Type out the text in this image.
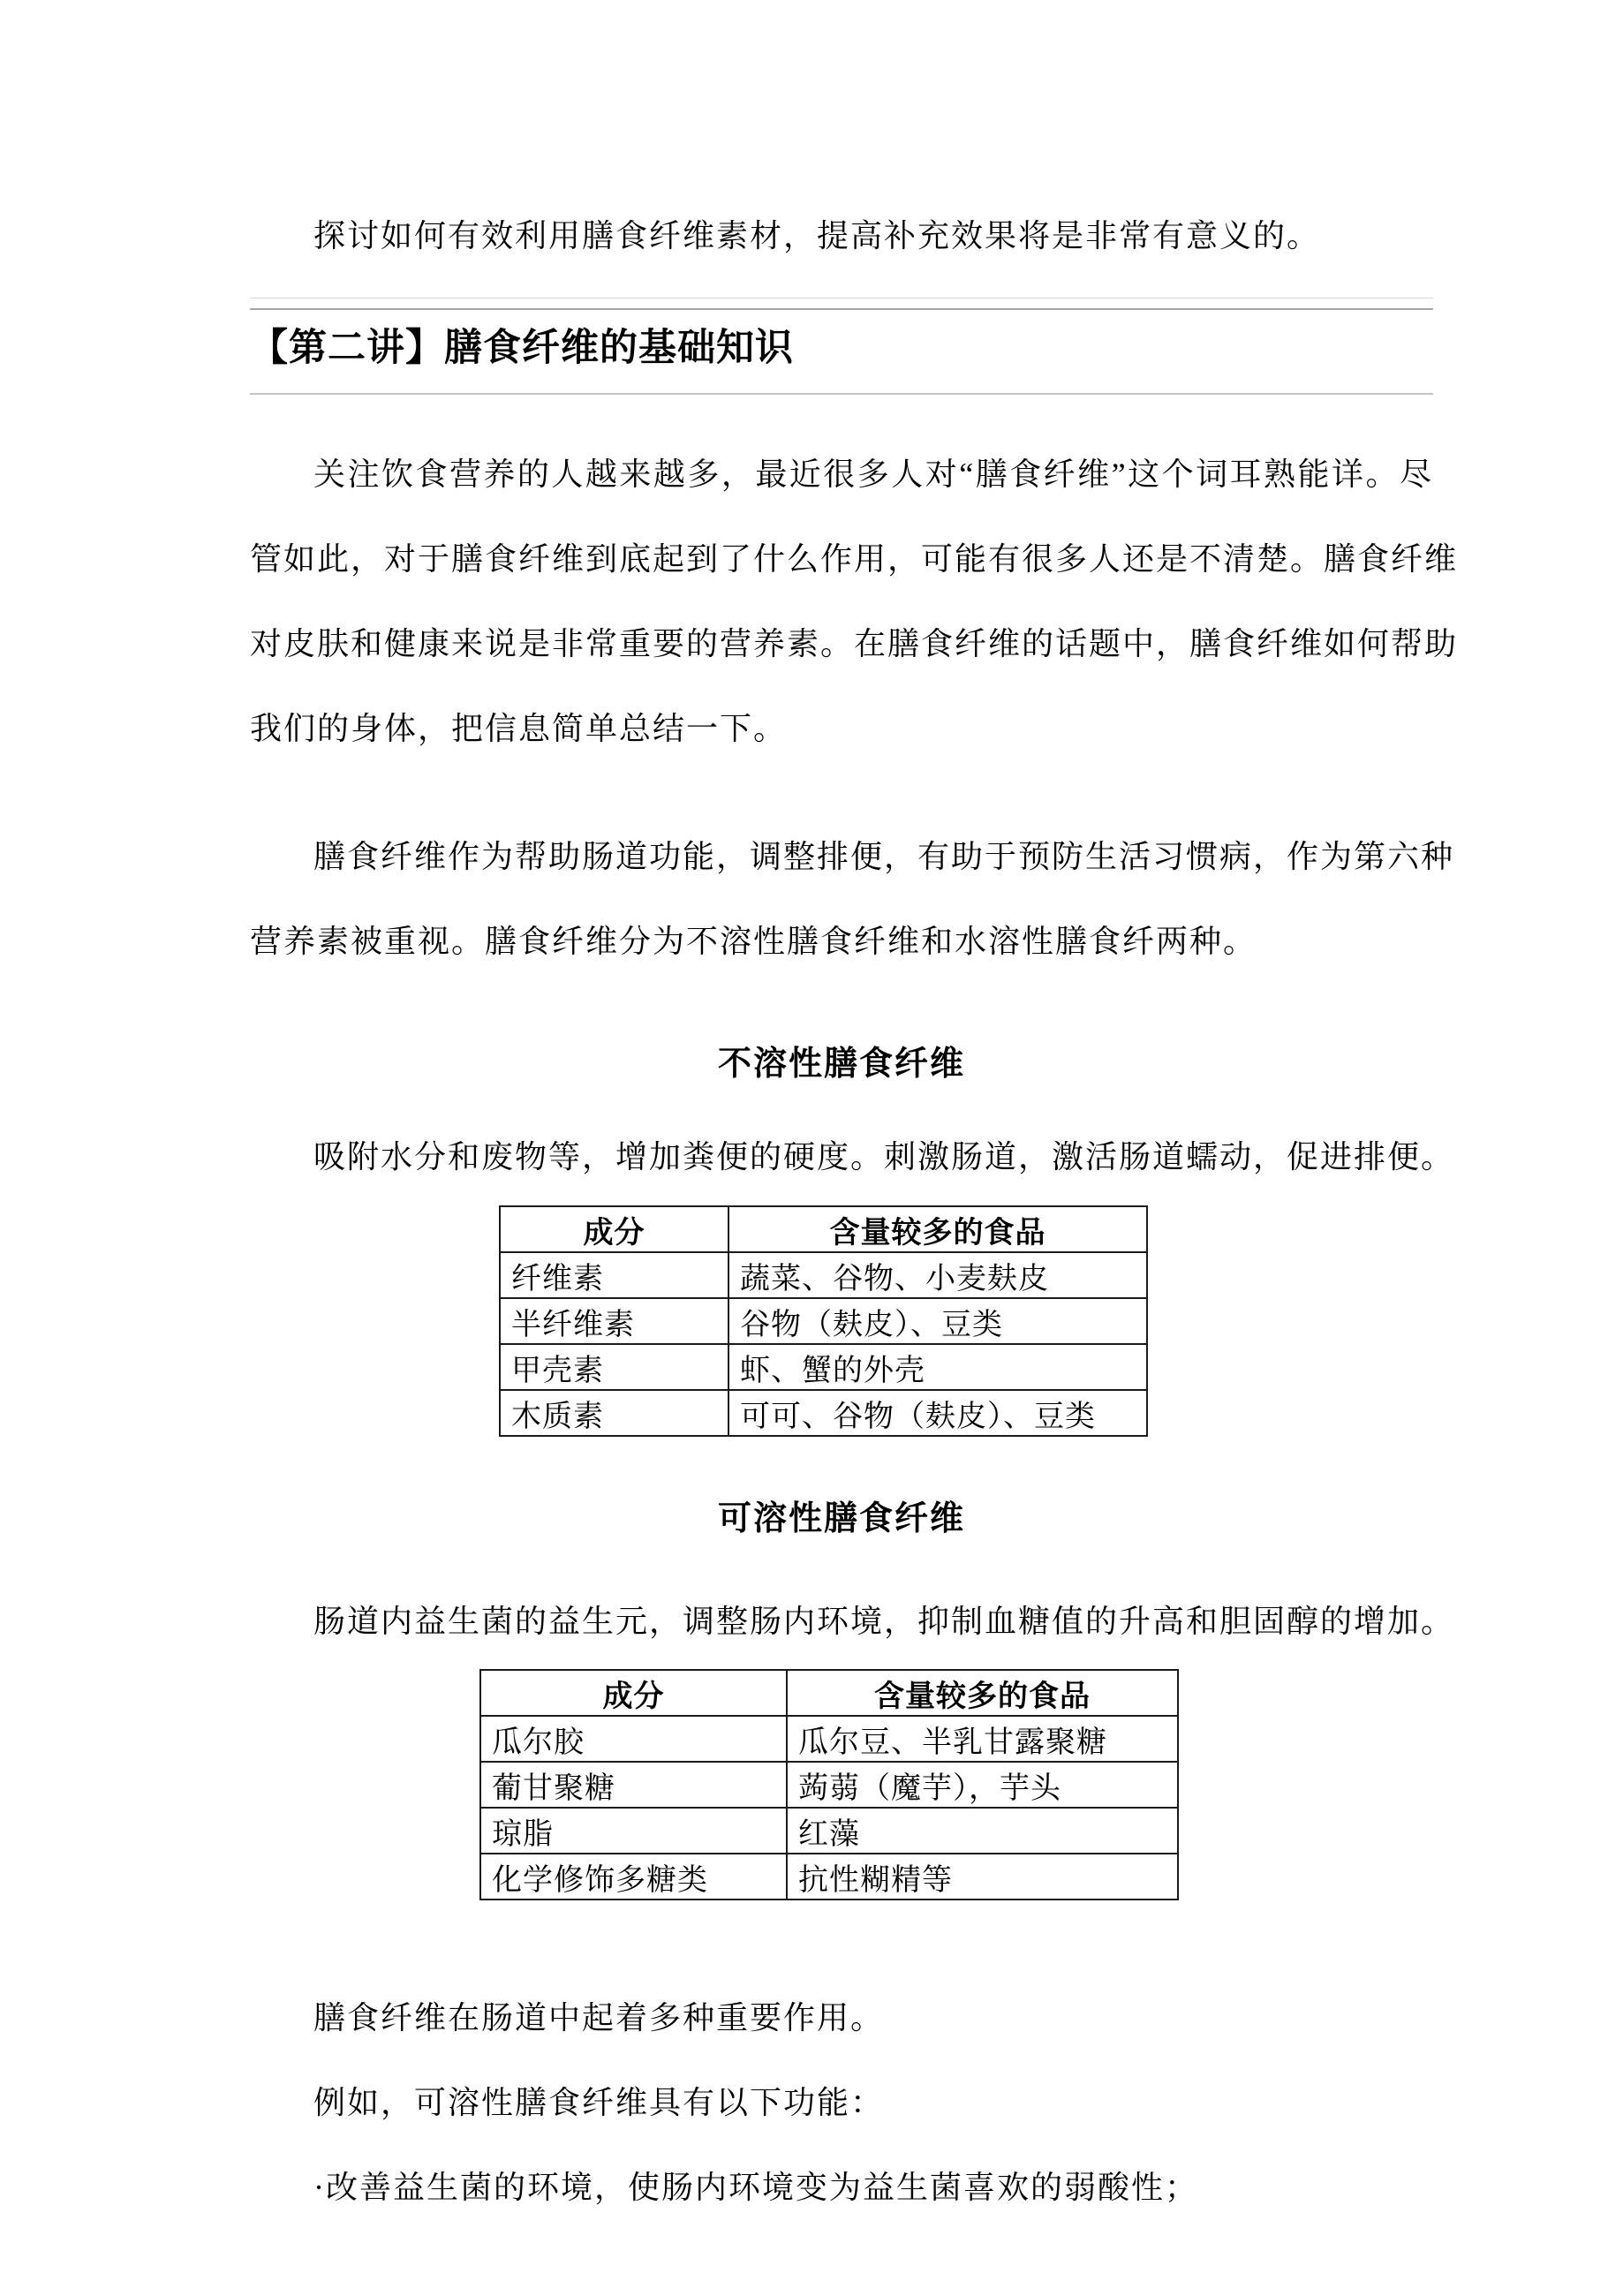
探讨如何有效利用膳食纤维素材，提高补充效果将是非常有意义的。
【第二讲】膳食纤维的基础知识
关注饮食营养的人越来越多，最近很多人对“膳食纤维”这个词耳熟能详。尽
管如此，对于膳食纤维到底起到了什么作用，可能有很多人还是不清楚。膳食纤维
对皮肤和健康来说是非常重要的营养素。在膳食纤维的话题中，膳食纤维如何帮助
我们的身体，把信息简单总结一下。
膳食纤维作为帮助肠道功能，调整排便，有助于预防生活习惯病，作为第六种
营养素被重视。膳食纤维分为不溶性膳食纤维和水溶性膳食纤两种。
不溶性膳食纤维
吸附水分和废物等，增加粪便的硬度。刺激肠道，激活肠道蠕动，促进排便。
成分	含量较多的食品
纤维素	蔬菜、谷物、小麦麸皮
半纤维素	谷物（麸皮）、豆类
甲壳素	虾、蟹的外壳
木质素	可可、谷物（麸皮）、豆类
可溶性膳食纤维
肠道内益生菌的益生元，调整肠内环境，抑制血糖值的升高和胆固醇的增加。
成分	含量较多的食品
瓜尔胶	瓜尔豆、半乳甘露聚糖
葡甘聚糖	蒟蒻（魔芋），芋头
琼脂	红藻
化学修饰多糖类	抗性糊精等
膳食纤维在肠道中起着多种重要作用。
例如，可溶性膳食纤维具有以下功能：
·改善益生菌的环境，使肠内环境变为益生菌喜欢的弱酸性；
